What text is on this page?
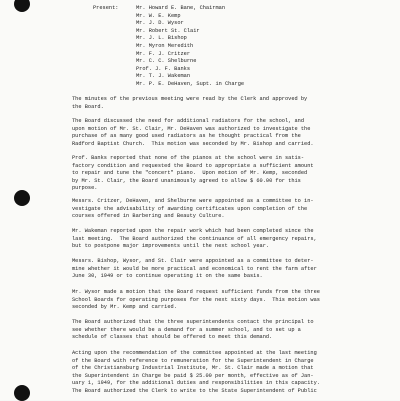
Present:	Mr. Howard E. Bane, Chairman
Mr. W. E. Kemp
Mr. J. D. Wysor
Mr. Robert St. Clair
Mr. J. L. Bishop
Mr. Myron Meredith
Mr. F. J. Critzer
Mr. C. C. Shelburne
Prof. J. F. Banks
Mr. T. J. Wakeman
Mr. P. E. DeHaven, Supt. in Charge
The minutes of the previous meeting were read by the Clerk and approved by
the Board.
The Board discussed the need for additional radiators for the school, and
upon motion of Mr. St. Clair, Mr. DeHaven was authorized to investigate the
purchase of as many good used radiators as he thought practical from the
Radford Baptist Church.  This motion was seconded by Mr. Bishop and carried.
Prof. Banks reported that none of the pianos at the school were in satis-
factory condition and requested the Board to appropriate a sufficient amount
to repair and tune the "concert" piano.  Upon motion of Mr. Kemp, seconded
by Mr. St. Clair, the Board unanimously agreed to allow $ 60.00 for this
purpose.
Messrs. Critzer, DeHaven, and Shelburne were appointed as a committee to in-
vestigate the advisability of awarding certificates upon completion of the
courses offered in Barbering and Beauty Culture.
Mr. Wakeman reported upon the repair work which had been completed since the
last meeting.  The Board authorized the continuance of all emergency repairs,
but to postpone major improvements until the next school year.
Messrs. Bishop, Wysor, and St. Clair were appointed as a committee to deter-
mine whether it would be more practical and economical to rent the farm after
June 30, 1949 or to continue operating it on the same basis.
Mr. Wysor made a motion that the Board request sufficient funds from the three
School Boards for operating purposes for the next sixty days.  This motion was
seconded by Mr. Kemp and carried.
The Board authorized that the three superintendents contact the principal to
see whether there would be a demand for a summer school, and to set up a
schedule of classes that should be offered to meet this demand.
Acting upon the recommendation of the committee appointed at the last meeting
of the Board with reference to remuneration for the Superintendent in Charge
of the Christiansburg Industrial Institute, Mr. St. Clair made a motion that
the Superintendent in Charge be paid $ 25.00 per month, effective as of Jan-
uary 1, 1949, for the additional duties and responsibilities in this capacity.
The Board authorized the Clerk to write to the State Superintendent of Public
